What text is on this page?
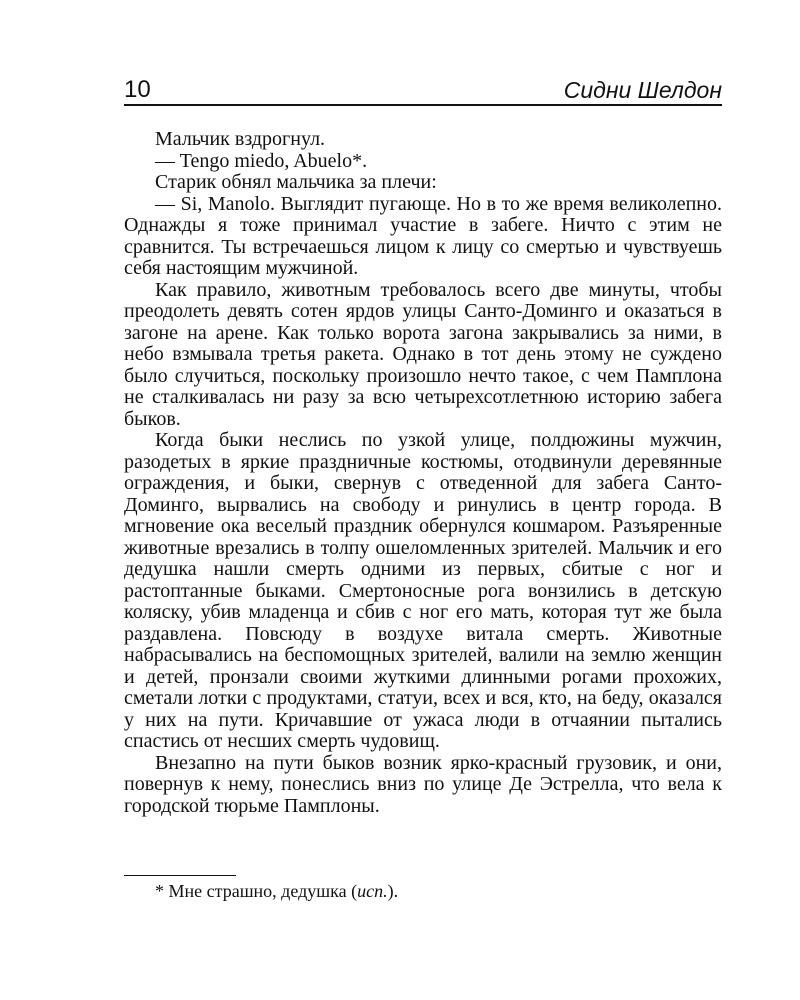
10	Сидни Шелдон

Мальчик вздрогнул.

— Tengo miedo, Abuelo*.

Старик обнял мальчика за плечи:

— Si, Manolo. Выглядит пугающе. Но в то же время великолепно. Однажды я тоже принимал участие в забеге. Ничто с этим не сравнится. Ты встречаешься лицом к лицу со смертью и чувствуешь себя настоящим мужчиной.

Как правило, животным требовалось всего две минуты, чтобы преодолеть девять сотен ярдов улицы Санто-Доминго и оказаться в загоне на арене. Как только ворота загона закрывались за ними, в небо взмывала третья ракета. Однако в тот день этому не суждено было случиться, поскольку произошло нечто такое, с чем Памплона не сталкивалась ни разу за всю четырехсотлетнюю историю забега быков.

Когда быки неслись по узкой улице, полдюжины мужчин, разодетых в яркие праздничные костюмы, отодвинули деревянные ограждения, и быки, свернув с отведенной для забега Санто-Доминго, вырвались на свободу и ринулись в центр города. В мгновение ока веселый праздник обернулся кошмаром. Разъяренные животные врезались в толпу ошеломленных зрителей. Мальчик и его дедушка нашли смерть одними из первых, сбитые с ног и растоптанные быками. Смертоносные рога вонзились в детскую коляску, убив младенца и сбив с ног его мать, которая тут же была раздавлена. Повсюду в воздухе витала смерть. Животные набрасывались на беспомощных зрителей, валили на землю женщин и детей, пронзали своими жуткими длинными рогами прохожих, сметали лотки с продуктами, статуи, всех и вся, кто, на беду, оказался у них на пути. Кричавшие от ужаса люди в отчаянии пытались спастись от несших смерть чудовищ.

Внезапно на пути быков возник ярко-красный грузовик, и они, повернув к нему, понеслись вниз по улице Де Эстрелла, что вела к городской тюрьме Памплоны.

* Мне страшно, дедушка (исп.).
